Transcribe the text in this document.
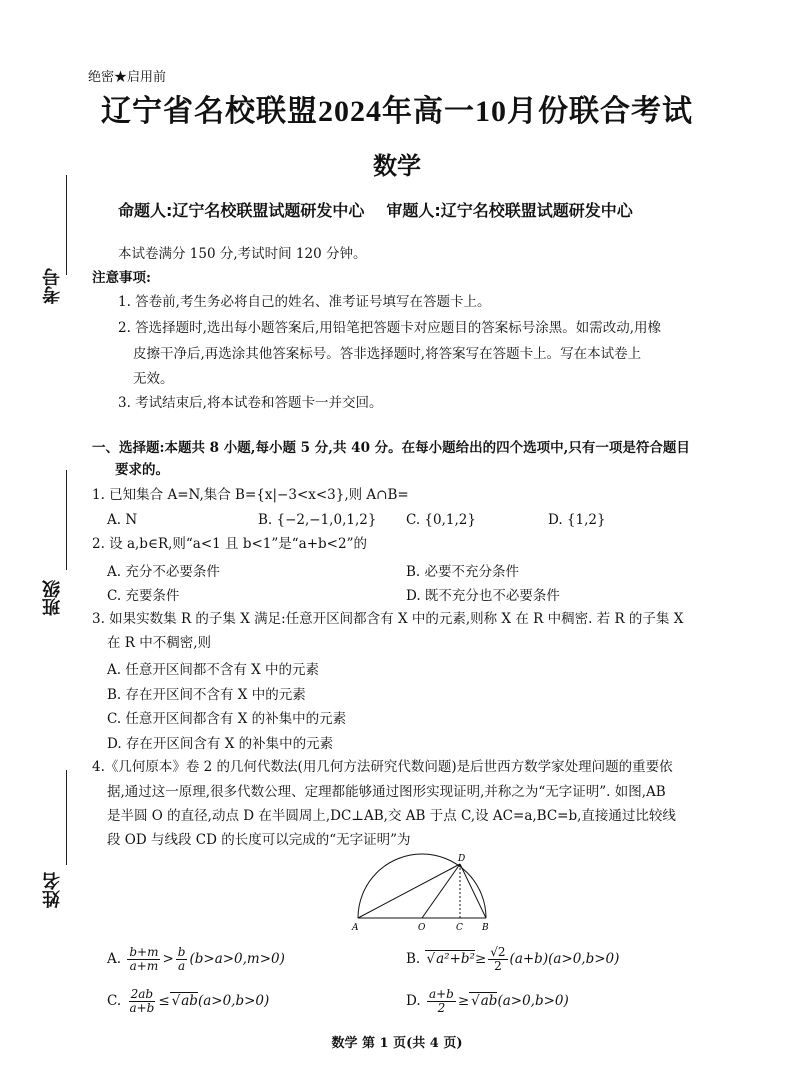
绝密★启用前
辽宁省名校联盟2024年高一10月份联合考试
数学
命题人:辽宁名校联盟试题研发中心 审题人:辽宁名校联盟试题研发中心
考号
班级
姓名
本试卷满分 150 分,考试时间 120 分钟。
注意事项:
1. 答卷前,考生务必将自己的姓名、准考证号填写在答题卡上。
2. 答选择题时,选出每小题答案后,用铅笔把答题卡对应题目的答案标号涂黑。如需改动,用橡
皮擦干净后,再选涂其他答案标号。答非选择题时,将答案写在答题卡上。写在本试卷上
无效。
3. 考试结束后,将本试卷和答题卡一并交回。
一、选择题:本题共 8 小题,每小题 5 分,共 40 分。在每小题给出的四个选项中,只有一项是符合题目
要求的。
1. 已知集合 A=N,集合 B={x|−3<x<3},则 A∩B=
A. N	B. {−2,−1,0,1,2} C. {0,1,2}	D. {1,2}
2. 设 a,b∈R,则“a<1 且 b<1”是“a+b<2”的
A. 充分不必要条件	B. 必要不充分条件
C. 充要条件	D. 既不充分也不必要条件
3. 如果实数集 R 的子集 X 满足:任意开区间都含有 X 中的元素,则称 X 在 R 中稠密. 若 R 的子集 X
在 R 中不稠密,则
A. 任意开区间都不含有 X 中的元素
B. 存在开区间不含有 X 中的元素
C. 任意开区间都含有 X 的补集中的元素
D. 存在开区间含有 X 的补集中的元素
4.《几何原本》卷 2 的几何代数法(用几何方法研究代数问题)是后世西方数学家处理问题的重要依
据,通过这一原理,很多代数公理、定理都能够通过图形实现证明,并称之为“无字证明”. 如图,AB
是半圆 O 的直径,动点 D 在半圆周上,DC⊥AB,交 AB 于点 C,设 AC=a,BC=b,直接通过比较线
段 OD 与线段 CD 的长度可以完成的“无字证明”为
A	O	C B
D
A. $\frac{b+m}{a+m} > \frac{b}{a} (b>a>0,m>0)$	B. √ $a^2+b^2\ge \frac{√2}{2} (a+b)(a>0,b>0)$
C. $\frac{2ab}{a+b}$ ≤ √ ab(a>0,b>0)	D. $\frac{a+b}{2}$ ≥ √ ab(a>0,b>0)
数学 第 1 页(共 4 页)
